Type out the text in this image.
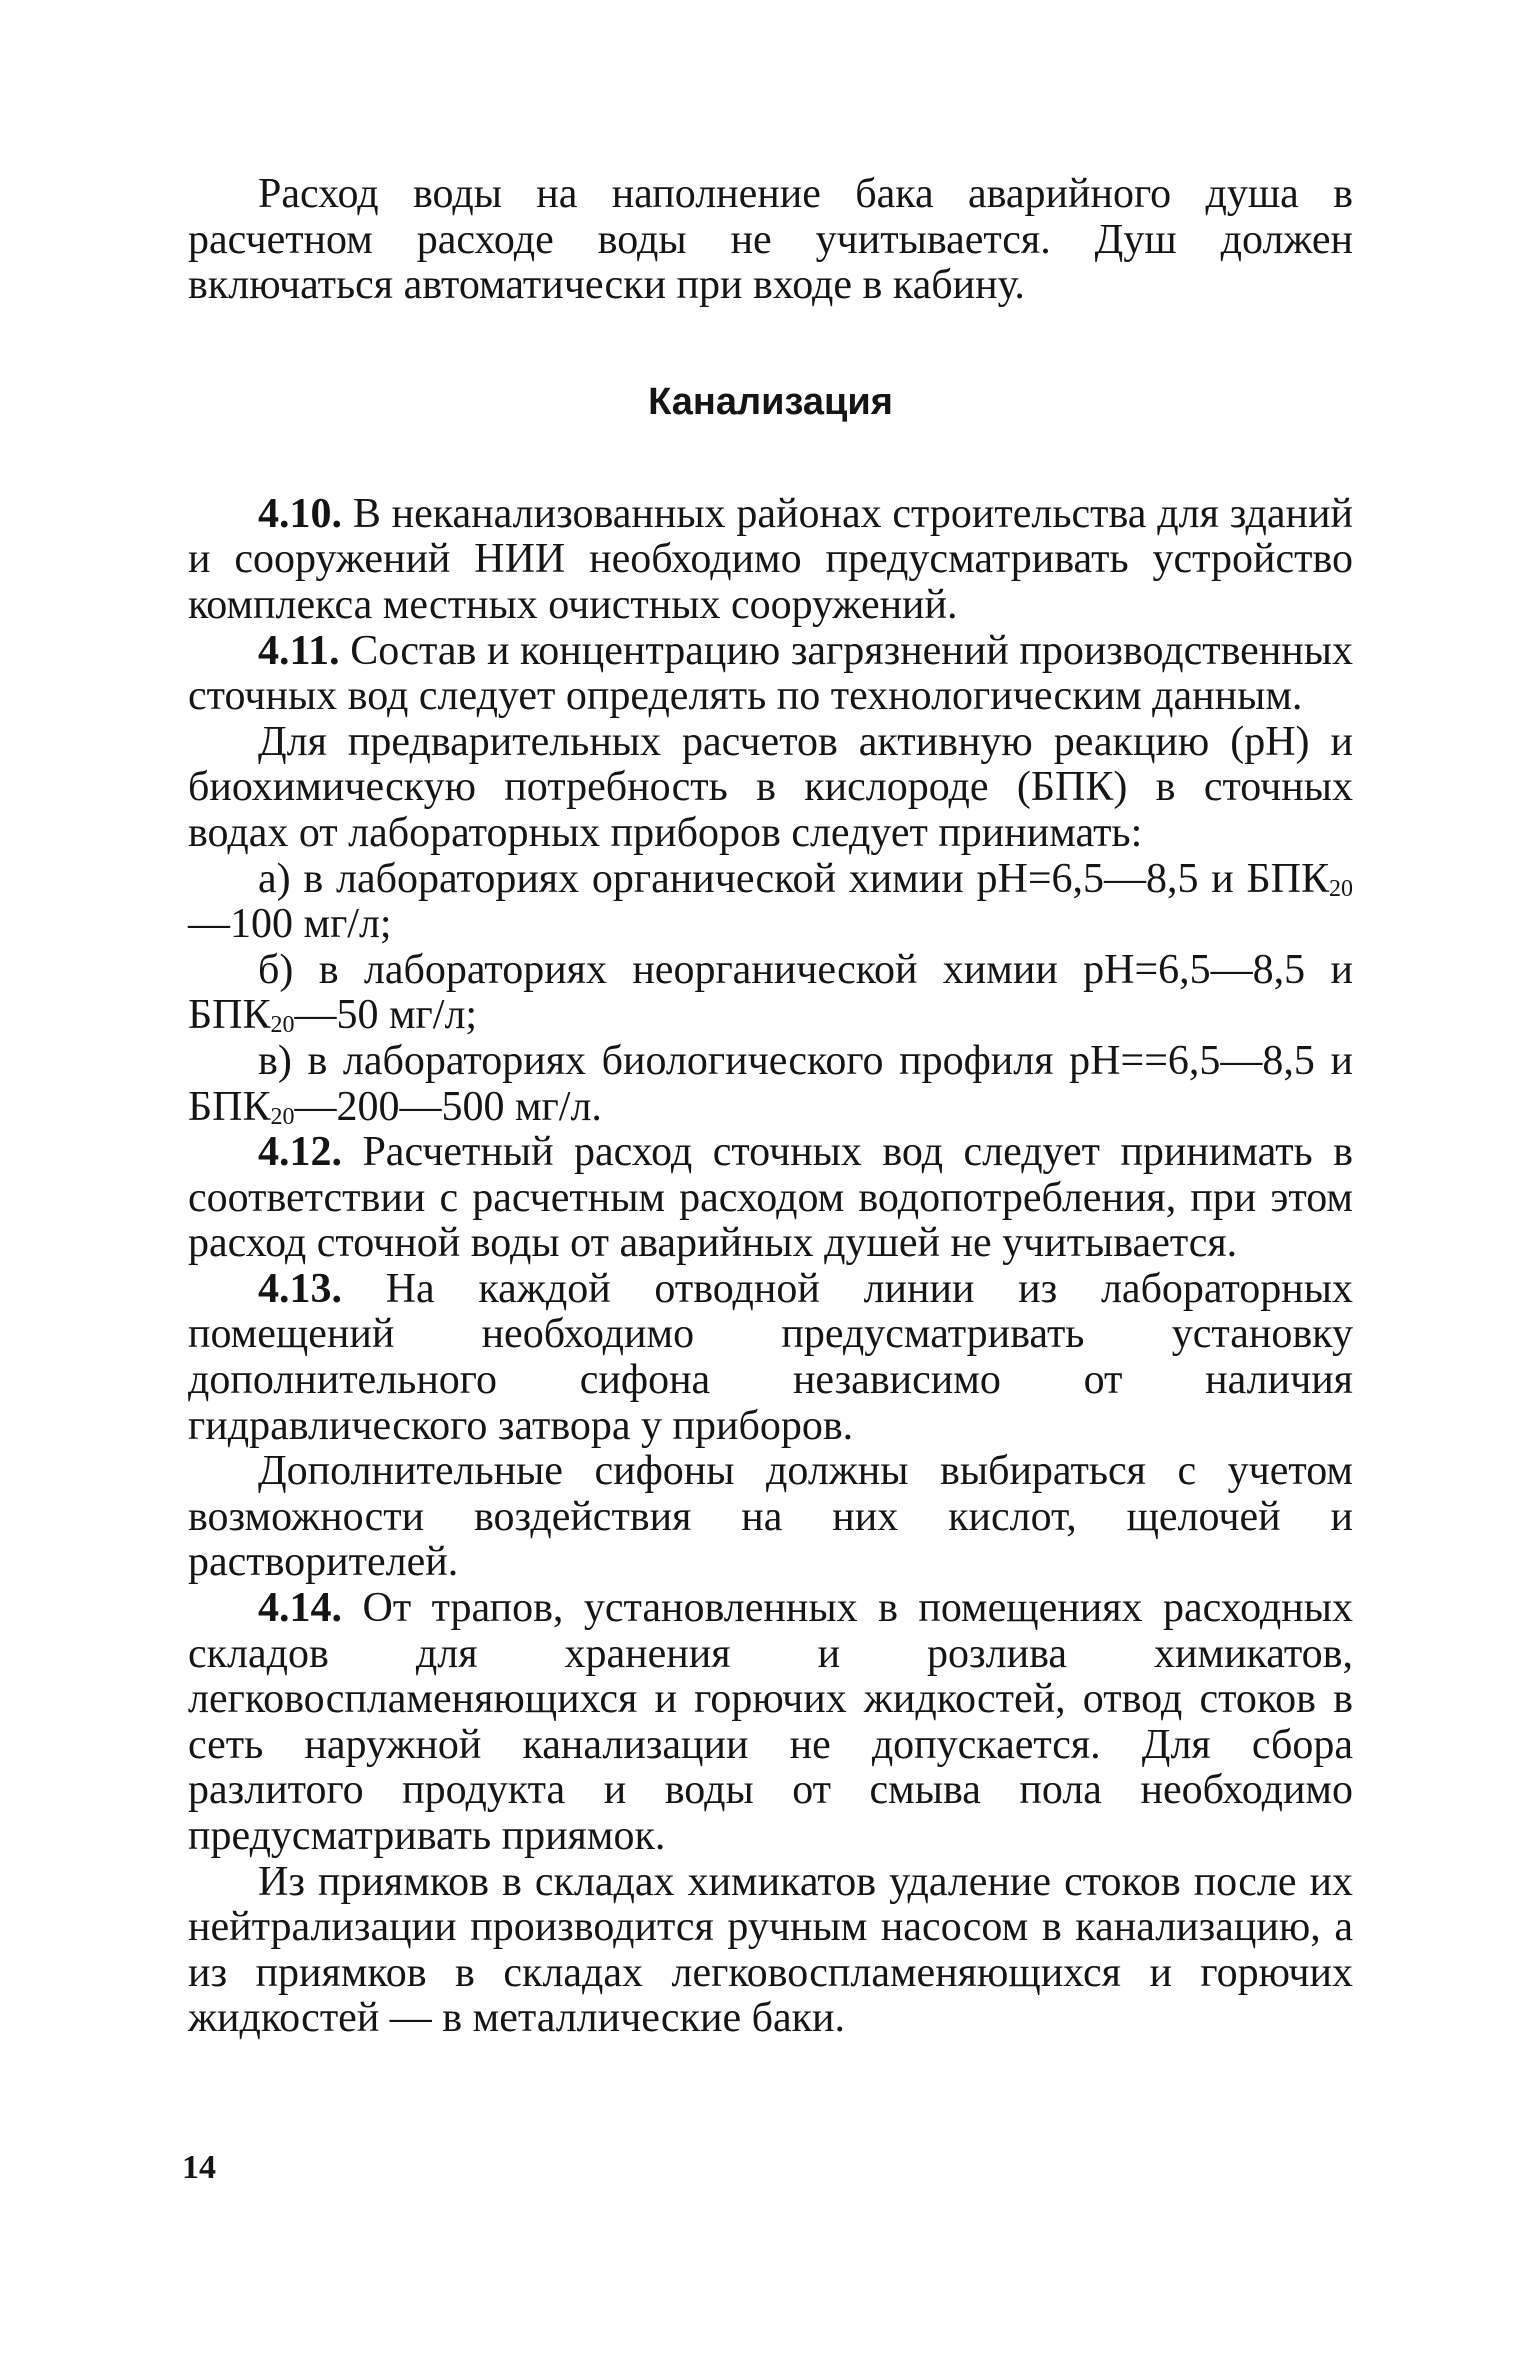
Расход воды на наполнение бака аварийного душа в расчетном расходе воды не учитывается. Душ должен включаться автоматически при входе в кабину.

Канализация

4.10. В неканализованных районах строительства для зданий и сооружений НИИ необходимо предусматривать устройство комплекса местных очистных сооружений.

4.11. Состав и концентрацию загрязнений производственных сточных вод следует определять по технологическим данным.

Для предварительных расчетов активную реакцию (рН) и биохимическую потребность в кислороде (БПК) в сточных водах от лабораторных приборов следует принимать:

а) в лабораториях органической химии рН=6,5—8,5 и $БПК_{20}—100$ мг/л;

б) в лабораториях неорганической химии рН=6,5—8,5 и $БПК_{20}—50$ мг/л;

в) в лабораториях биологического профиля рН==6,5—8,5 и $БПК_{20}—200—500$ мг/л.

4.12. Расчетный расход сточных вод следует принимать в соответствии с расчетным расходом водопотребления, при этом расход сточной воды от аварийных душей не учитывается.

4.13. На каждой отводной линии из лабораторных помещений необходимо предусматривать установку дополнительного сифона независимо от наличия гидравлического затвора у приборов.

Дополнительные сифоны должны выбираться с учетом возможности воздействия на них кислот, щелочей и растворителей.

4.14. От трапов, установленных в помещениях расходных складов для хранения и розлива химикатов, легковоспламеняющихся и горючих жидкостей, отвод стоков в сеть наружной канализации не допускается. Для сбора разлитого продукта и воды от смыва пола необходимо предусматривать приямок.

Из приямков в складах химикатов удаление стоков после их нейтрализации производится ручным насосом в канализацию, а из приямков в складах легковоспламеняющихся и горючих жидкостей — в металлические баки.

14
